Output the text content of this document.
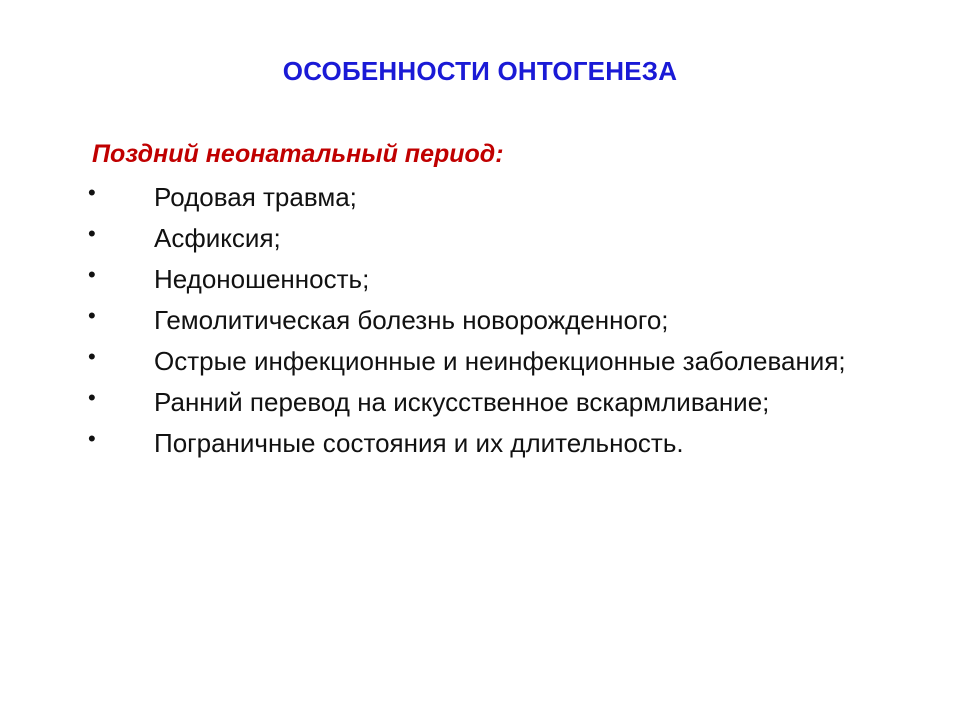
ОСОБЕННОСТИ ОНТОГЕНЕЗА
Поздний неонатальный период:
• Родовая травма;
• Асфиксия;
• Недоношенность;
• Гемолитическая болезнь новорожденного;
• Острые инфекционные и неинфекционные заболевания;
• Ранний перевод на искусственное вскармливание;
• Пограничные состояния и их длительность.
